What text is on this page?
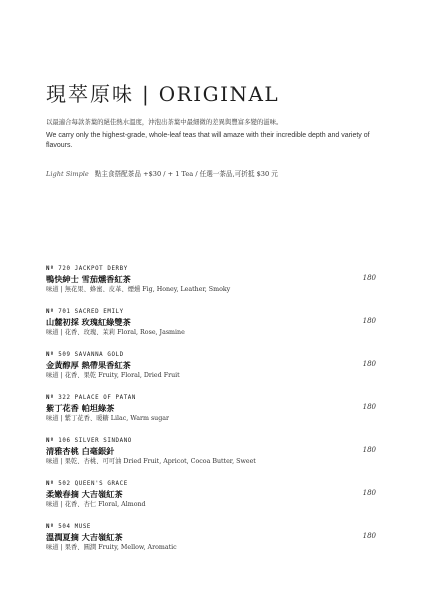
現萃原味 | ORIGINAL
以最適合每款茶葉的絕佳熱水溫度，沖泡出茶葉中最細微的差異與豐富多變的滋味。
We carry only the highest-grade, whole-leaf teas that will amaze with their incredible depth and variety of flavours.
Light Simple 點主食搭配茶品 +$30 / + 1 Tea / 任選一茶品,可折抵 $30 元
Nº 720 JACKPOT DERBY
鴨快紳士 雪茄燻香紅茶
味道 | 無花果、蜂蜜、皮革、煙燻 Fig, Honey, Leather, Smoky
180
Nº 701 SACRED EMILY
山麓初採 玫瑰紅綠雙茶
味道 | 花香、玫瑰、茉莉 Floral, Rose, Jasmine
180
Nº 509 SAVANNA GOLD
金黃醇厚 熱帶果香紅茶
味道 | 花香、果乾 Fruity, Floral, Dried Fruit
180
Nº 322 PALACE OF PATAN
紫丁花香 帕坦綠茶
味道 | 紫丁花香、暖糖 Lilac, Warm sugar
180
Nº 106 SILVER SINDANO
清雅杏桃 白毫銀針
味道 | 果乾、杏桃、可可油 Dried Fruit, Apricot, Cocoa Butter, Sweet
180
Nº 502 QUEEN'S GRACE
柔嫩春摘 大吉嶺紅茶
味道 | 花香、杏仁 Floral, Almond
180
Nº 504 MUSE
溫潤夏摘 大吉嶺紅茶
味道 | 果香、圓潤 Fruity, Mellow, Aromatic
180
